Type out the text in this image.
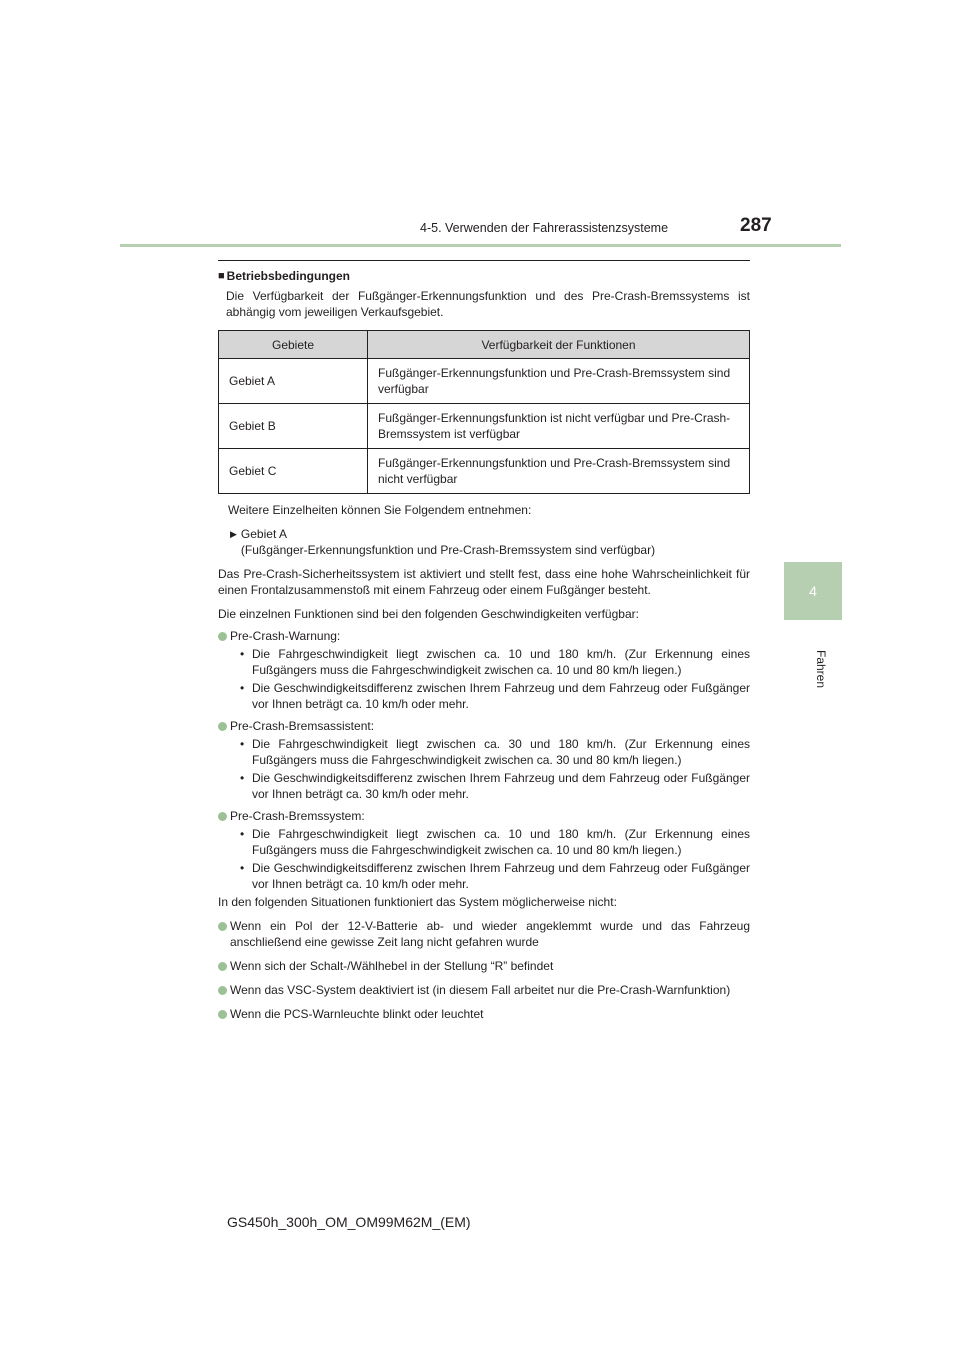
4-5. Verwenden der Fahrerassistenzsysteme	287
4
Fahren
■ Betriebsbedingungen
Die Verfügbarkeit der Fußgänger-Erkennungsfunktion und des Pre-Crash-Bremssystems ist abhängig vom jeweiligen Verkaufsgebiet.
Gebiete	Verfügbarkeit der Funktionen
Gebiet A	Fußgänger-Erkennungsfunktion und Pre-Crash-Bremssystem sind verfügbar
Gebiet B	Fußgänger-Erkennungsfunktion ist nicht verfügbar und Pre-Crash-Bremssystem ist verfügbar
Gebiet C	Fußgänger-Erkennungsfunktion und Pre-Crash-Bremssystem sind nicht verfügbar
Weitere Einzelheiten können Sie Folgendem entnehmen:
▶ Gebiet A
(Fußgänger-Erkennungsfunktion und Pre-Crash-Bremssystem sind verfügbar)
Das Pre-Crash-Sicherheitssystem ist aktiviert und stellt fest, dass eine hohe Wahrscheinlichkeit für einen Frontalzusammenstoß mit einem Fahrzeug oder einem Fußgänger besteht.
Die einzelnen Funktionen sind bei den folgenden Geschwindigkeiten verfügbar:
Pre-Crash-Warnung:
• Die Fahrgeschwindigkeit liegt zwischen ca. 10 und 180 km/h. (Zur Erkennung eines Fußgängers muss die Fahrgeschwindigkeit zwischen ca. 10 und 80 km/h liegen.)
• Die Geschwindigkeitsdifferenz zwischen Ihrem Fahrzeug und dem Fahrzeug oder Fußgänger vor Ihnen beträgt ca. 10 km/h oder mehr.
Pre-Crash-Bremsassistent:
• Die Fahrgeschwindigkeit liegt zwischen ca. 30 und 180 km/h. (Zur Erkennung eines Fußgängers muss die Fahrgeschwindigkeit zwischen ca. 30 und 80 km/h liegen.)
• Die Geschwindigkeitsdifferenz zwischen Ihrem Fahrzeug und dem Fahrzeug oder Fußgänger vor Ihnen beträgt ca. 30 km/h oder mehr.
Pre-Crash-Bremssystem:
• Die Fahrgeschwindigkeit liegt zwischen ca. 10 und 180 km/h. (Zur Erkennung eines Fußgängers muss die Fahrgeschwindigkeit zwischen ca. 10 und 80 km/h liegen.)
• Die Geschwindigkeitsdifferenz zwischen Ihrem Fahrzeug und dem Fahrzeug oder Fußgänger vor Ihnen beträgt ca. 10 km/h oder mehr.
In den folgenden Situationen funktioniert das System möglicherweise nicht:
Wenn ein Pol der 12-V-Batterie ab- und wieder angeklemmt wurde und das Fahrzeug anschließend eine gewisse Zeit lang nicht gefahren wurde
Wenn sich der Schalt-/Wählhebel in der Stellung “R” befindet
Wenn das VSC-System deaktiviert ist (in diesem Fall arbeitet nur die Pre-Crash-Warnfunktion)
Wenn die PCS-Warnleuchte blinkt oder leuchtet
GS450h_300h_OM_OM99M62M_(EM)
